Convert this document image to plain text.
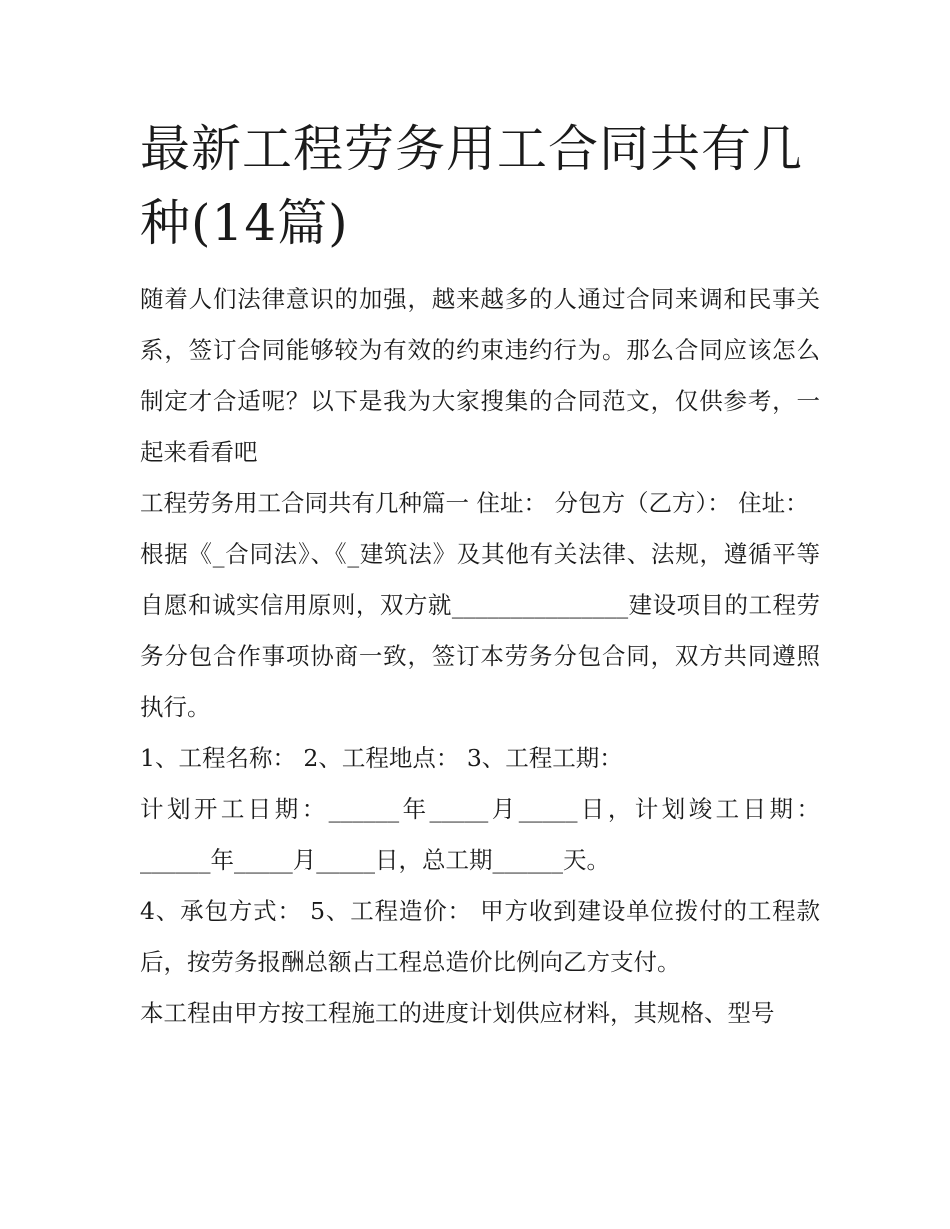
最新工程劳务用工合同共有几种(14篇)

随着人们法律意识的加强，越来越多的人通过合同来调和民事关系，签订合同能够较为有效的约束违约行为。那么合同应该怎么制定才合适呢？以下是我为大家搜集的合同范文，仅供参考，一起来看看吧

工程劳务用工合同共有几种篇一 住址： 分包方（乙方）： 住址：

根据《_合同法》、《_建筑法》及其他有关法律、法规，遵循平等自愿和诚实信用原则，双方就_______________建设项目的工程劳务分包合作事项协商一致，签订本劳务分包合同，双方共同遵照执行。

1、工程名称： 2、工程地点： 3、工程工期：

计划开工日期：______年_____月_____日，计划竣工日期：______年_____月_____日，总工期______天。

4、承包方式： 5、工程造价： 甲方收到建设单位拨付的工程款后，按劳务报酬总额占工程总造价比例向乙方支付。

本工程由甲方按工程施工的进度计划供应材料，其规格、型号
